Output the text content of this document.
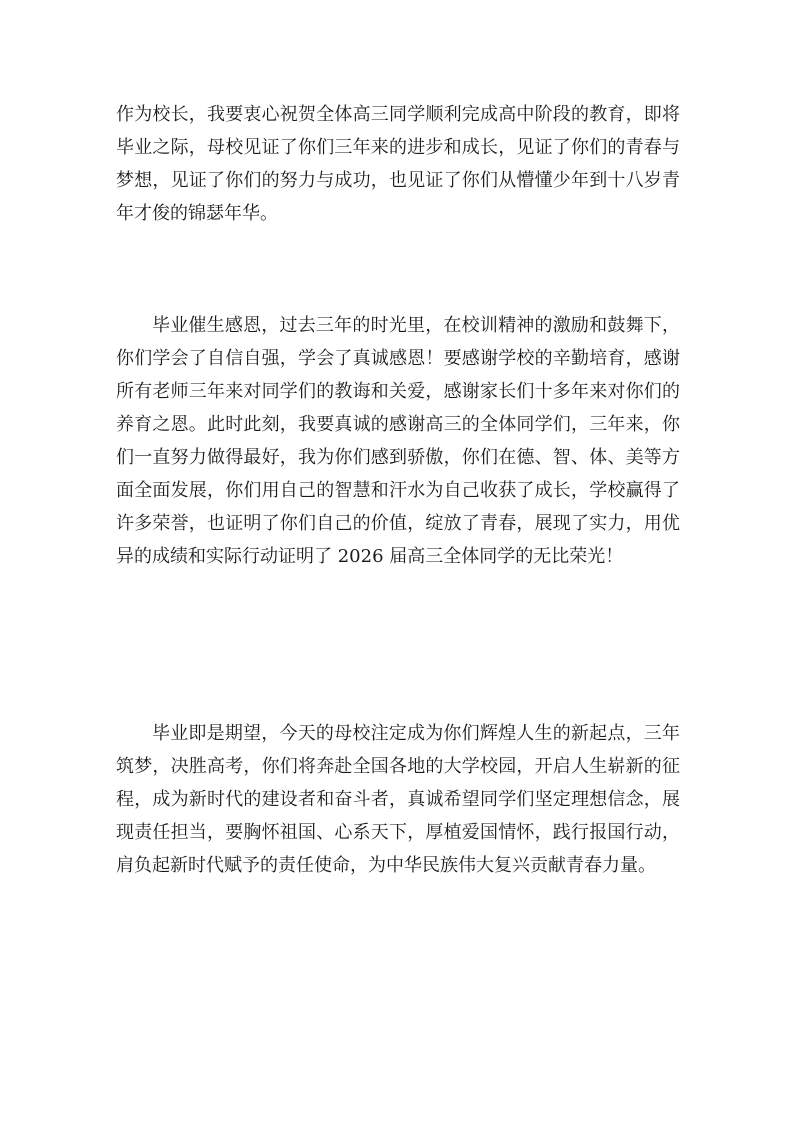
作为校长，我要衷心祝贺全体高三同学顺利完成高中阶段的教育，即将毕业之际，母校见证了你们三年来的进步和成长，见证了你们的青春与梦想，见证了你们的努力与成功，也见证了你们从懵懂少年到十八岁青年才俊的锦瑟年华。

毕业催生感恩，过去三年的时光里，在校训精神的激励和鼓舞下，你们学会了自信自强，学会了真诚感恩！要感谢学校的辛勤培育，感谢所有老师三年来对同学们的教诲和关爱，感谢家长们十多年来对你们的养育之恩。此时此刻，我要真诚的感谢高三的全体同学们，三年来，你们一直努力做得最好，我为你们感到骄傲，你们在德、智、体、美等方面全面发展，你们用自己的智慧和汗水为自己收获了成长，学校赢得了许多荣誉，也证明了你们自己的价值，绽放了青春，展现了实力，用优异的成绩和实际行动证明了 2026 届高三全体同学的无比荣光！

毕业即是期望，今天的母校注定成为你们辉煌人生的新起点，三年筑梦，决胜高考，你们将奔赴全国各地的大学校园，开启人生崭新的征程，成为新时代的建设者和奋斗者，真诚希望同学们坚定理想信念，展现责任担当，要胸怀祖国、心系天下，厚植爱国情怀，践行报国行动，肩负起新时代赋予的责任使命，为中华民族伟大复兴贡献青春力量。
